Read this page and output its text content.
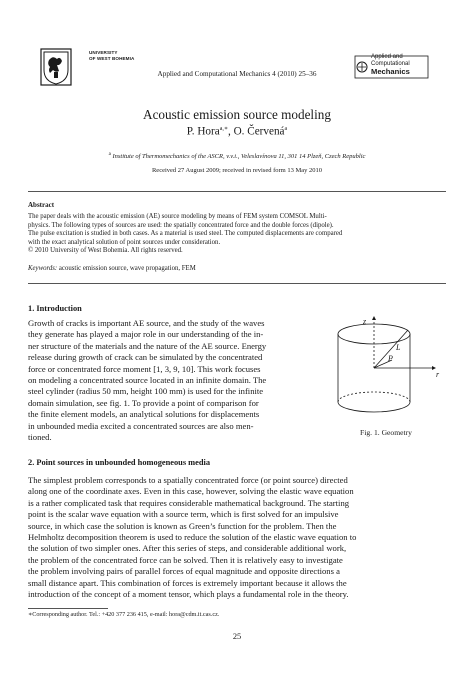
UNIVERSITY
OF WEST BOHEMIA
Applied and Computational Mechanics 4 (2010) 25–36
Applied and
Computational
Mechanics
Acoustic emission source modeling
P. Hora$^{a,∗}$, O. Červená$^a$
$^a$ Institute of Thermomechanics of the ASCR, v.v.i., Veleslavínova 11, 301 14 Plzeň, Czech Republic
Received 27 August 2009; received in revised form 13 May 2010
Abstract
The paper deals with the acoustic emission (AE) source modeling by means of FEM system COMSOL Multi-
physics. The following types of sources are used: the spatially concentrated force and the double forces (dipole).
The pulse excitation is studied in both cases. As a material is used steel. The computed displacements are compared
with the exact analytical solution of point sources under consideration.
© 2010 University of West Bohemia. All rights reserved.
Keywords: acoustic emission source, wave propagation, FEM
1. Introduction
Growth of cracks is important AE source, and the study of the waves
they generate has played a major role in our understanding of the in-
ner structure of the materials and the nature of the AE source. Energy
release during growth of crack can be simulated by the concentrated
force or concentrated force moment [1, 3, 9, 10]. This work focuses
on modeling a concentrated source located in an infinite domain. The
steel cylinder (radius 50 mm, height 100 mm) is used for the infinite
domain simulation, see fig. 1. To provide a point of comparison for
the finite element models, an analytical solutions for displacements
in unbounded media excited a concentrated sources are also men-
tioned.
z
L
P
r
Fig. 1. Geometry
2. Point sources in unbounded homogeneous media
The simplest problem corresponds to a spatially concentrated force (or point source) directed
along one of the coordinate axes. Even in this case, however, solving the elastic wave equation
is a rather complicated task that requires considerable mathematical background. The starting
point is the scalar wave equation with a source term, which is first solved for an impulsive
source, in which case the solution is known as Green’s function for the problem. Then the
Helmholtz decomposition theorem is used to reduce the solution of the elastic wave equation to
the solution of two simpler ones. After this series of steps, and considerable additional work,
the problem of the concentrated force can be solved. Then it is relatively easy to investigate
the problem involving pairs of parallel forces of equal magnitude and opposite directions a
small distance apart. This combination of forces is extremely important because it allows the
introduction of the concept of a moment tensor, which plays a fundamental role in the theory.
∗Corresponding author. Tel.: +420 377 236 415, e-mail: hora@cdm.it.cas.cz.
25
